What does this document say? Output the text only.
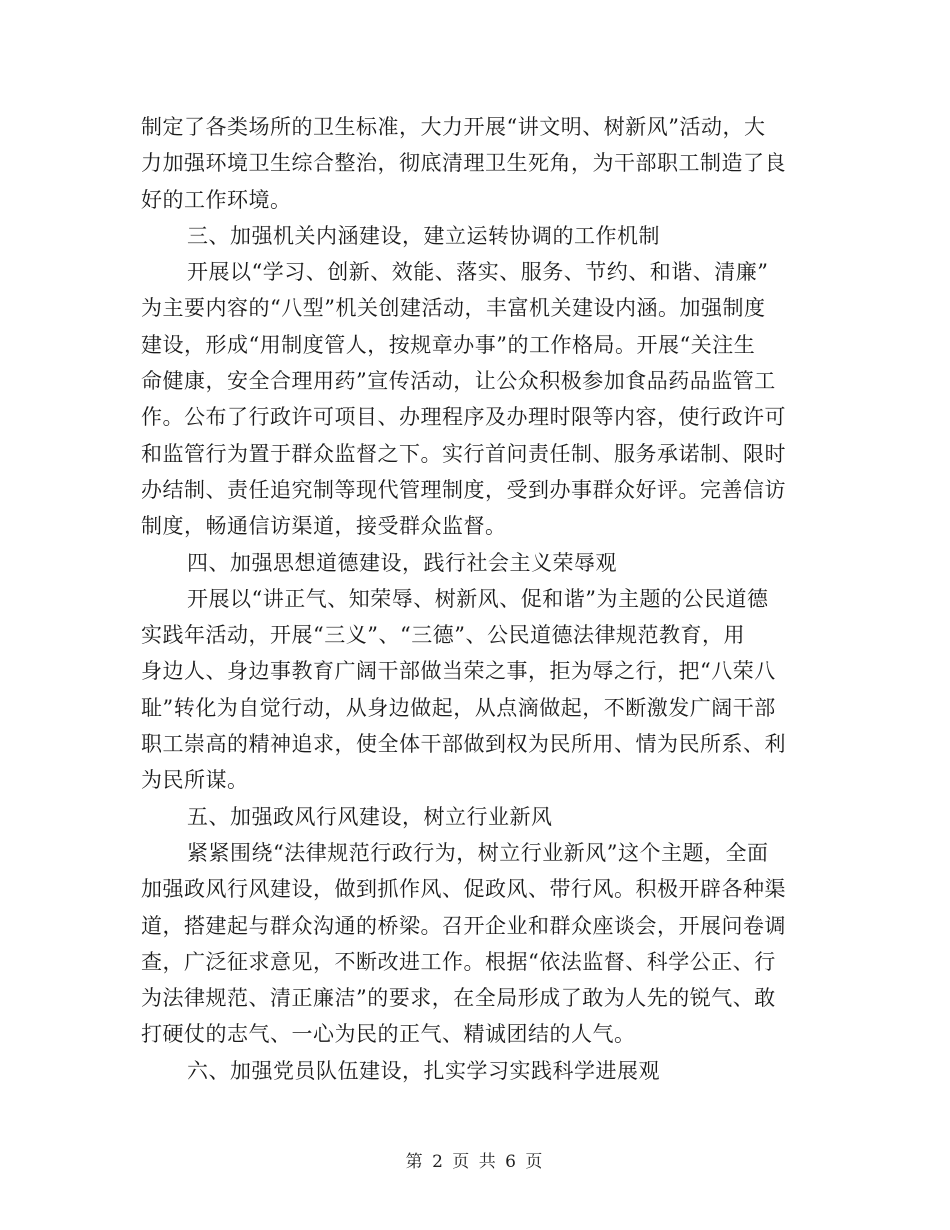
制定了各类场所的卫生标准，大力开展“讲文明、树新风”活动，大
力加强环境卫生综合整治，彻底清理卫生死角，为干部职工制造了良
好的工作环境。
三、加强机关内涵建设，建立运转协调的工作机制
开展以“学习、创新、效能、落实、服务、节约、和谐、清廉”
为主要内容的“八型”机关创建活动，丰富机关建设内涵。加强制度
建设，形成“用制度管人，按规章办事”的工作格局。开展“关注生
命健康，安全合理用药”宣传活动，让公众积极参加食品药品监管工
作。公布了行政许可项目、办理程序及办理时限等内容，使行政许可
和监管行为置于群众监督之下。实行首问责任制、服务承诺制、限时
办结制、责任追究制等现代管理制度，受到办事群众好评。完善信访
制度，畅通信访渠道，接受群众监督。
四、加强思想道德建设，践行社会主义荣辱观
开展以“讲正气、知荣辱、树新风、促和谐”为主题的公民道德
实践年活动，开展“三义”、“三德”、公民道德法律规范教育，用
身边人、身边事教育广阔干部做当荣之事，拒为辱之行，把“八荣八
耻”转化为自觉行动，从身边做起，从点滴做起，不断激发广阔干部
职工崇高的精神追求，使全体干部做到权为民所用、情为民所系、利
为民所谋。
五、加强政风行风建设，树立行业新风
紧紧围绕“法律规范行政行为，树立行业新风”这个主题，全面
加强政风行风建设，做到抓作风、促政风、带行风。积极开辟各种渠
道，搭建起与群众沟通的桥梁。召开企业和群众座谈会，开展问卷调
查，广泛征求意见，不断改进工作。根据“依法监督、科学公正、行
为法律规范、清正廉洁”的要求，在全局形成了敢为人先的锐气、敢
打硬仗的志气、一心为民的正气、精诚团结的人气。
六、加强党员队伍建设，扎实学习实践科学进展观
第 2 页 共 6 页
